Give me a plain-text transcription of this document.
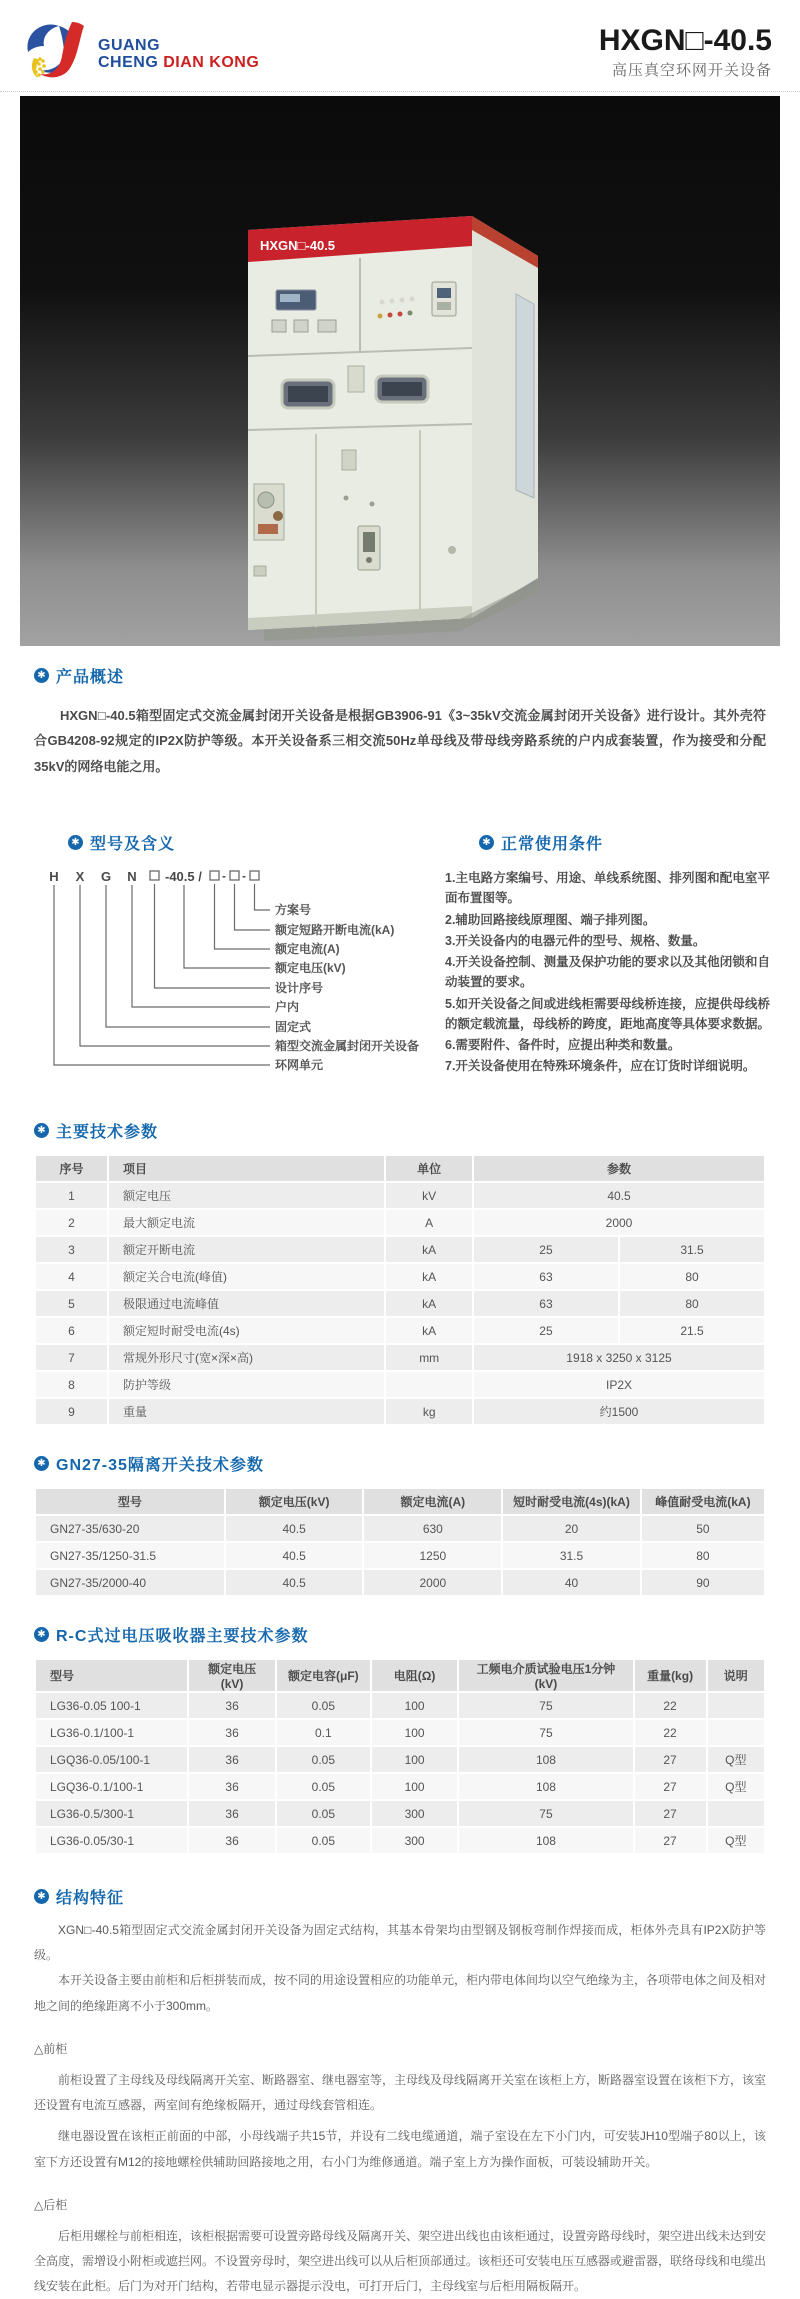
GUANG
CHENG DIAN KONG
HXGN□-40.5
高压真空环网开关设备
HXGN□-40.5
✱ 产品概述
HXGN□-40.5箱型固定式交流金属封闭开关设备是根据GB3906-91《3~35kV交流金属封闭开关设备》进行设计。其外壳符合GB4208-92规定的IP2X防护等级。本开关设备系三相交流50Hz单母线及带母线旁路系统的户内成套装置，作为接受和分配35kV的网络电能之用。
✱ 型号及含义
H X G N -40.5 / - -
方案号
额定短路开断电流(kA)
额定电流(A)
额定电压(kV)
设计序号
户内
固定式
箱型交流金属封闭开关设备
环网单元
✱ 正常使用条件
1.主电路方案编号、用途、单线系统图、排列图和配电室平面布置图等。
2.辅助回路接线原理图、端子排列图。
3.开关设备内的电器元件的型号、规格、数量。
4.开关设备控制、测量及保护功能的要求以及其他闭锁和自动装置的要求。
5.如开关设备之间或进线柜需要母线桥连接，应提供母线桥的额定载流量，母线桥的跨度，距地高度等具体要求数据。
6.需要附件、备件时，应提出种类和数量。
7.开关设备使用在特殊环境条件，应在订货时详细说明。
✱ 主要技术参数
序号	项目	单位	参数	
1	额定电压	kV	40.5	
2	最大额定电流	A	2000	
3	额定开断电流	kA	25	31.5
4	额定关合电流(峰值)	kA	63	80
5	极限通过电流峰值	kA	63	80
6	额定短时耐受电流(4s)	kA	25	21.5
7	常规外形尺寸(宽×深×高)	mm	1918 x 3250 x 3125	
8	防护等级		IP2X	
9	重量	kg	约1500	
✱ GN27-35隔离开关技术参数
型号	额定电压(kV)	额定电流(A)	短时耐受电流(4s)(kA)	峰值耐受电流(kA)
GN27-35/630-20	40.5	630	20	50
GN27-35/1250-31.5	40.5	1250	31.5	80
GN27-35/2000-40	40.5	2000	40	90
✱ R-C式过电压吸收器主要技术参数
型号	额定电压(kV)	额定电容(μF)	电阻(Ω)	工频电介质试验电压1分钟(kV)	重量(kg)	说明
LG36-0.05 100-1	36	0.05	100	75	22	
LG36-0.1/100-1	36	0.1	100	75	22	
LGQ36-0.05/100-1	36	0.05	100	108	27	Q型
LGQ36-0.1/100-1	36	0.05	100	108	27	Q型
LG36-0.5/300-1	36	0.05	300	75	27	
LG36-0.05/30-1	36	0.05	300	108	27	Q型
✱ 结构特征

XGN□-40.5箱型固定式交流金属封闭开关设备为固定式结构，其基本骨架均由型钢及钢板弯制作焊接而成，柜体外壳具有IP2X防护等级。

本开关设备主要由前柜和后柜拼装而成，按不同的用途设置相应的功能单元，柜内带电体间均以空气绝缘为主，各项带电体之间及相对地之间的绝缘距离不小于300mm。

△前柜

前柜设置了主母线及母线隔离开关室、断路器室、继电器室等，主母线及母线隔离开关室在该柜上方，断路器室设置在该柜下方，该室还设置有电流互感器，两室间有绝缘板隔开，通过母线套管相连。

继电器设置在该柜正前面的中部，小母线端子共15节，并设有二线电缆通道，端子室设在左下小门内，可安装JH10型端子80以上，该室下方还设置有M12的接地螺栓供辅助回路接地之用，右小门为维修通道。端子室上方为操作面板，可装设辅助开关。

△后柜

后柜用螺栓与前柜相连，该柜根据需要可设置旁路母线及隔离开关、架空进出线也由该柜通过，设置旁路母线时，架空进出线未达到安全高度，需增设小附柜或遮拦网。不设置旁母时，架空进出线可以从后柜顶部通过。该柜还可安装电压互感器或避雷器，联络母线和电缆出线安装在此柜。后门为对开门结构，若带电显示器提示没电，可打开后门，主母线室与后柜用隔板隔开。
